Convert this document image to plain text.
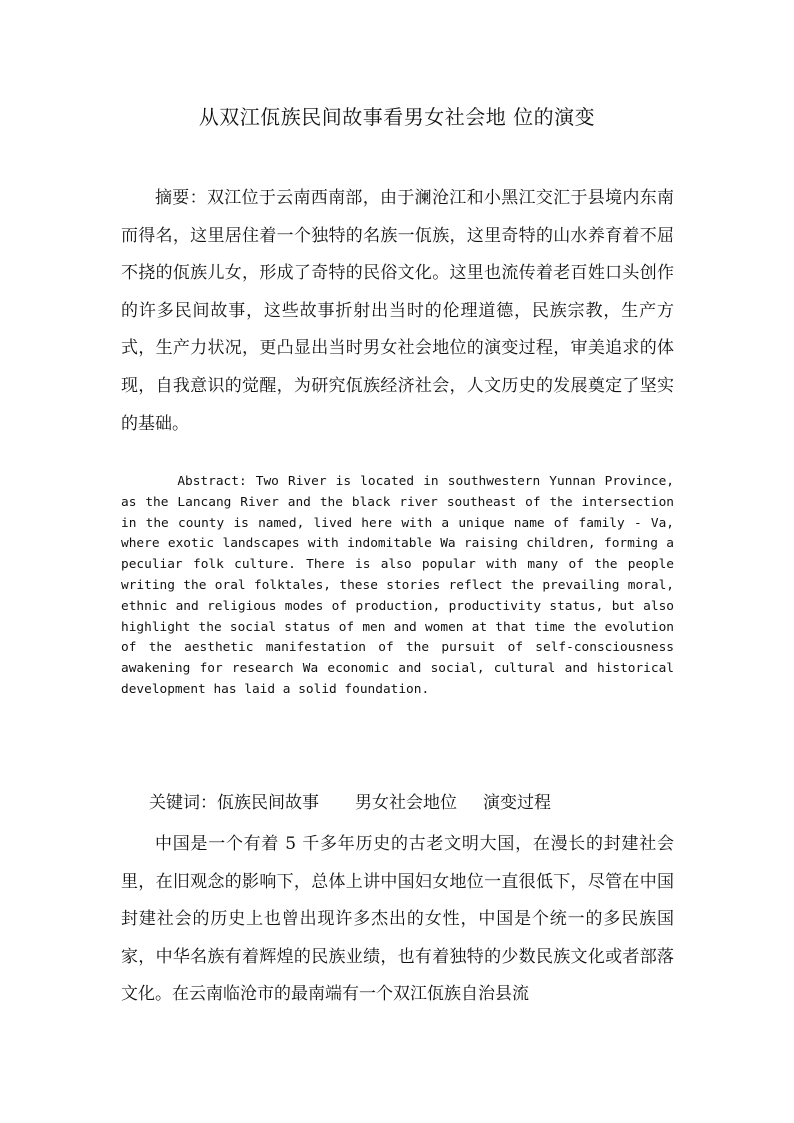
从双江佤族民间故事看男女社会地 位的演变

摘要：双江位于云南西南部，由于澜沧江和小黑江交汇于县境内东南而得名，这里居住着一个独特的名族一佤族，这里奇特的山水养育着不屈不挠的佤族儿女，形成了奇特的民俗文化。这里也流传着老百姓口头创作的许多民间故事，这些故事折射出当时的伦理道德，民族宗教，生产方式，生产力状况，更凸显出当时男女社会地位的演变过程，审美追求的体现，自我意识的觉醒，为研究佤族经济社会，人文历史的发展奠定了坚实的基础。

Abstract: Two River is located in southwestern Yunnan Province, as the Lancang River and the black river southeast of the intersection in the county is named, lived here with a unique name of family - Va, where exotic landscapes with indomitable Wa raising children, forming a peculiar folk culture. There is also popular with many of the people writing the oral folktales, these stories reflect the prevailing moral, ethnic and religious modes of production, productivity status, but also highlight the social status of men and women at that time the evolution of the aesthetic manifestation of the pursuit of self-consciousness awakening for research Wa economic and social, cultural and historical development has laid a solid foundation.

关键词：佤族民间故事 男女社会地位 演变过程

中国是一个有着 5 千多年历史的古老文明大国，在漫长的封建社会里，在旧观念的影响下，总体上讲中国妇女地位一直很低下，尽管在中国封建社会的历史上也曾出现许多杰出的女性，中国是个统一的多民族国家，中华名族有着辉煌的民族业绩，也有着独特的少数民族文化或者部落文化。在云南临沧市的最南端有一个双江佤族自治县流
